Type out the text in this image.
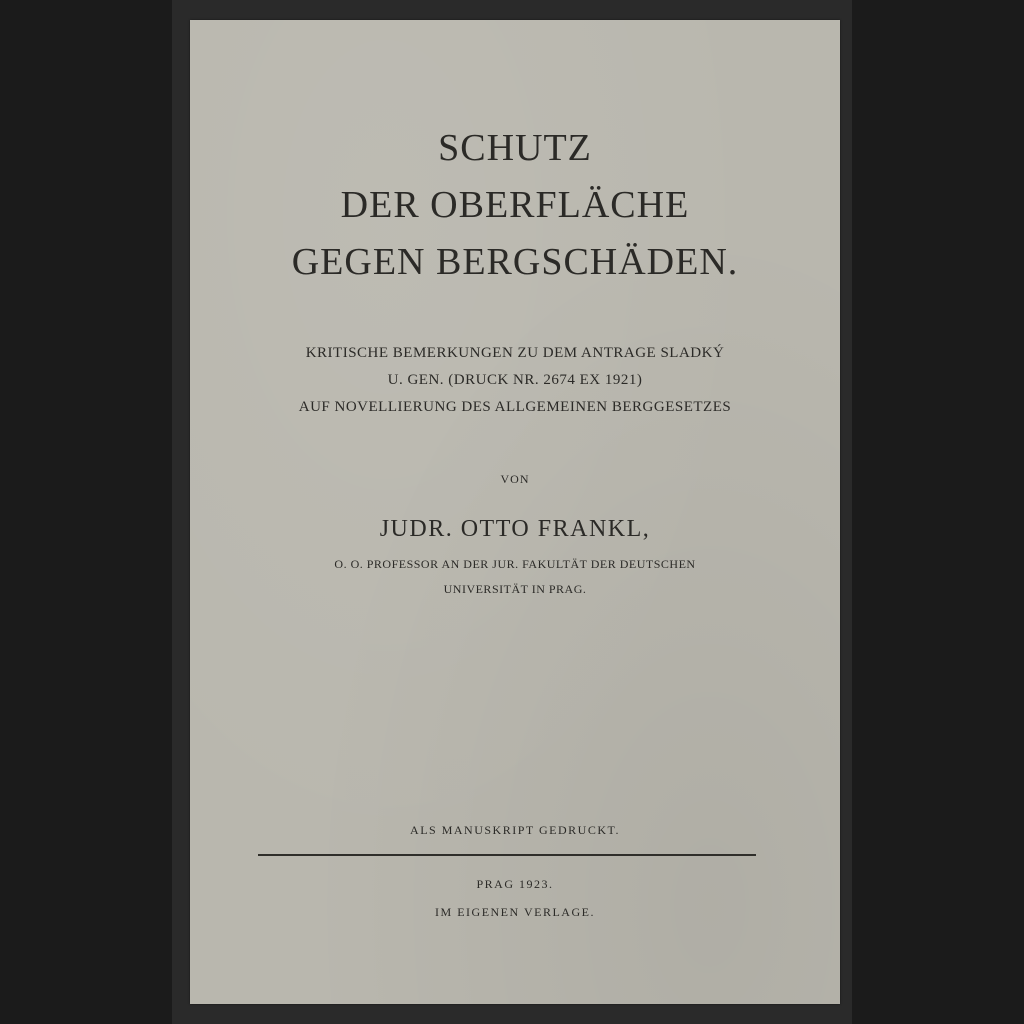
SCHUTZ
DER OBERFLÄCHE
GEGEN BERGSCHÄDEN.
KRITISCHE BEMERKUNGEN ZU DEM ANTRAGE SLADKÝ
U. GEN. (DRUCK NR. 2674 EX 1921)
AUF NOVELLIERUNG DES ALLGEMEINEN BERGGESETZES
VON
JUDR. OTTO FRANKL,
O. O. PROFESSOR AN DER JUR. FAKULTÄT DER DEUTSCHEN
UNIVERSITÄT IN PRAG.
ALS MANUSKRIPT GEDRUCKT.
PRAG 1923.
IM EIGENEN VERLAGE.
